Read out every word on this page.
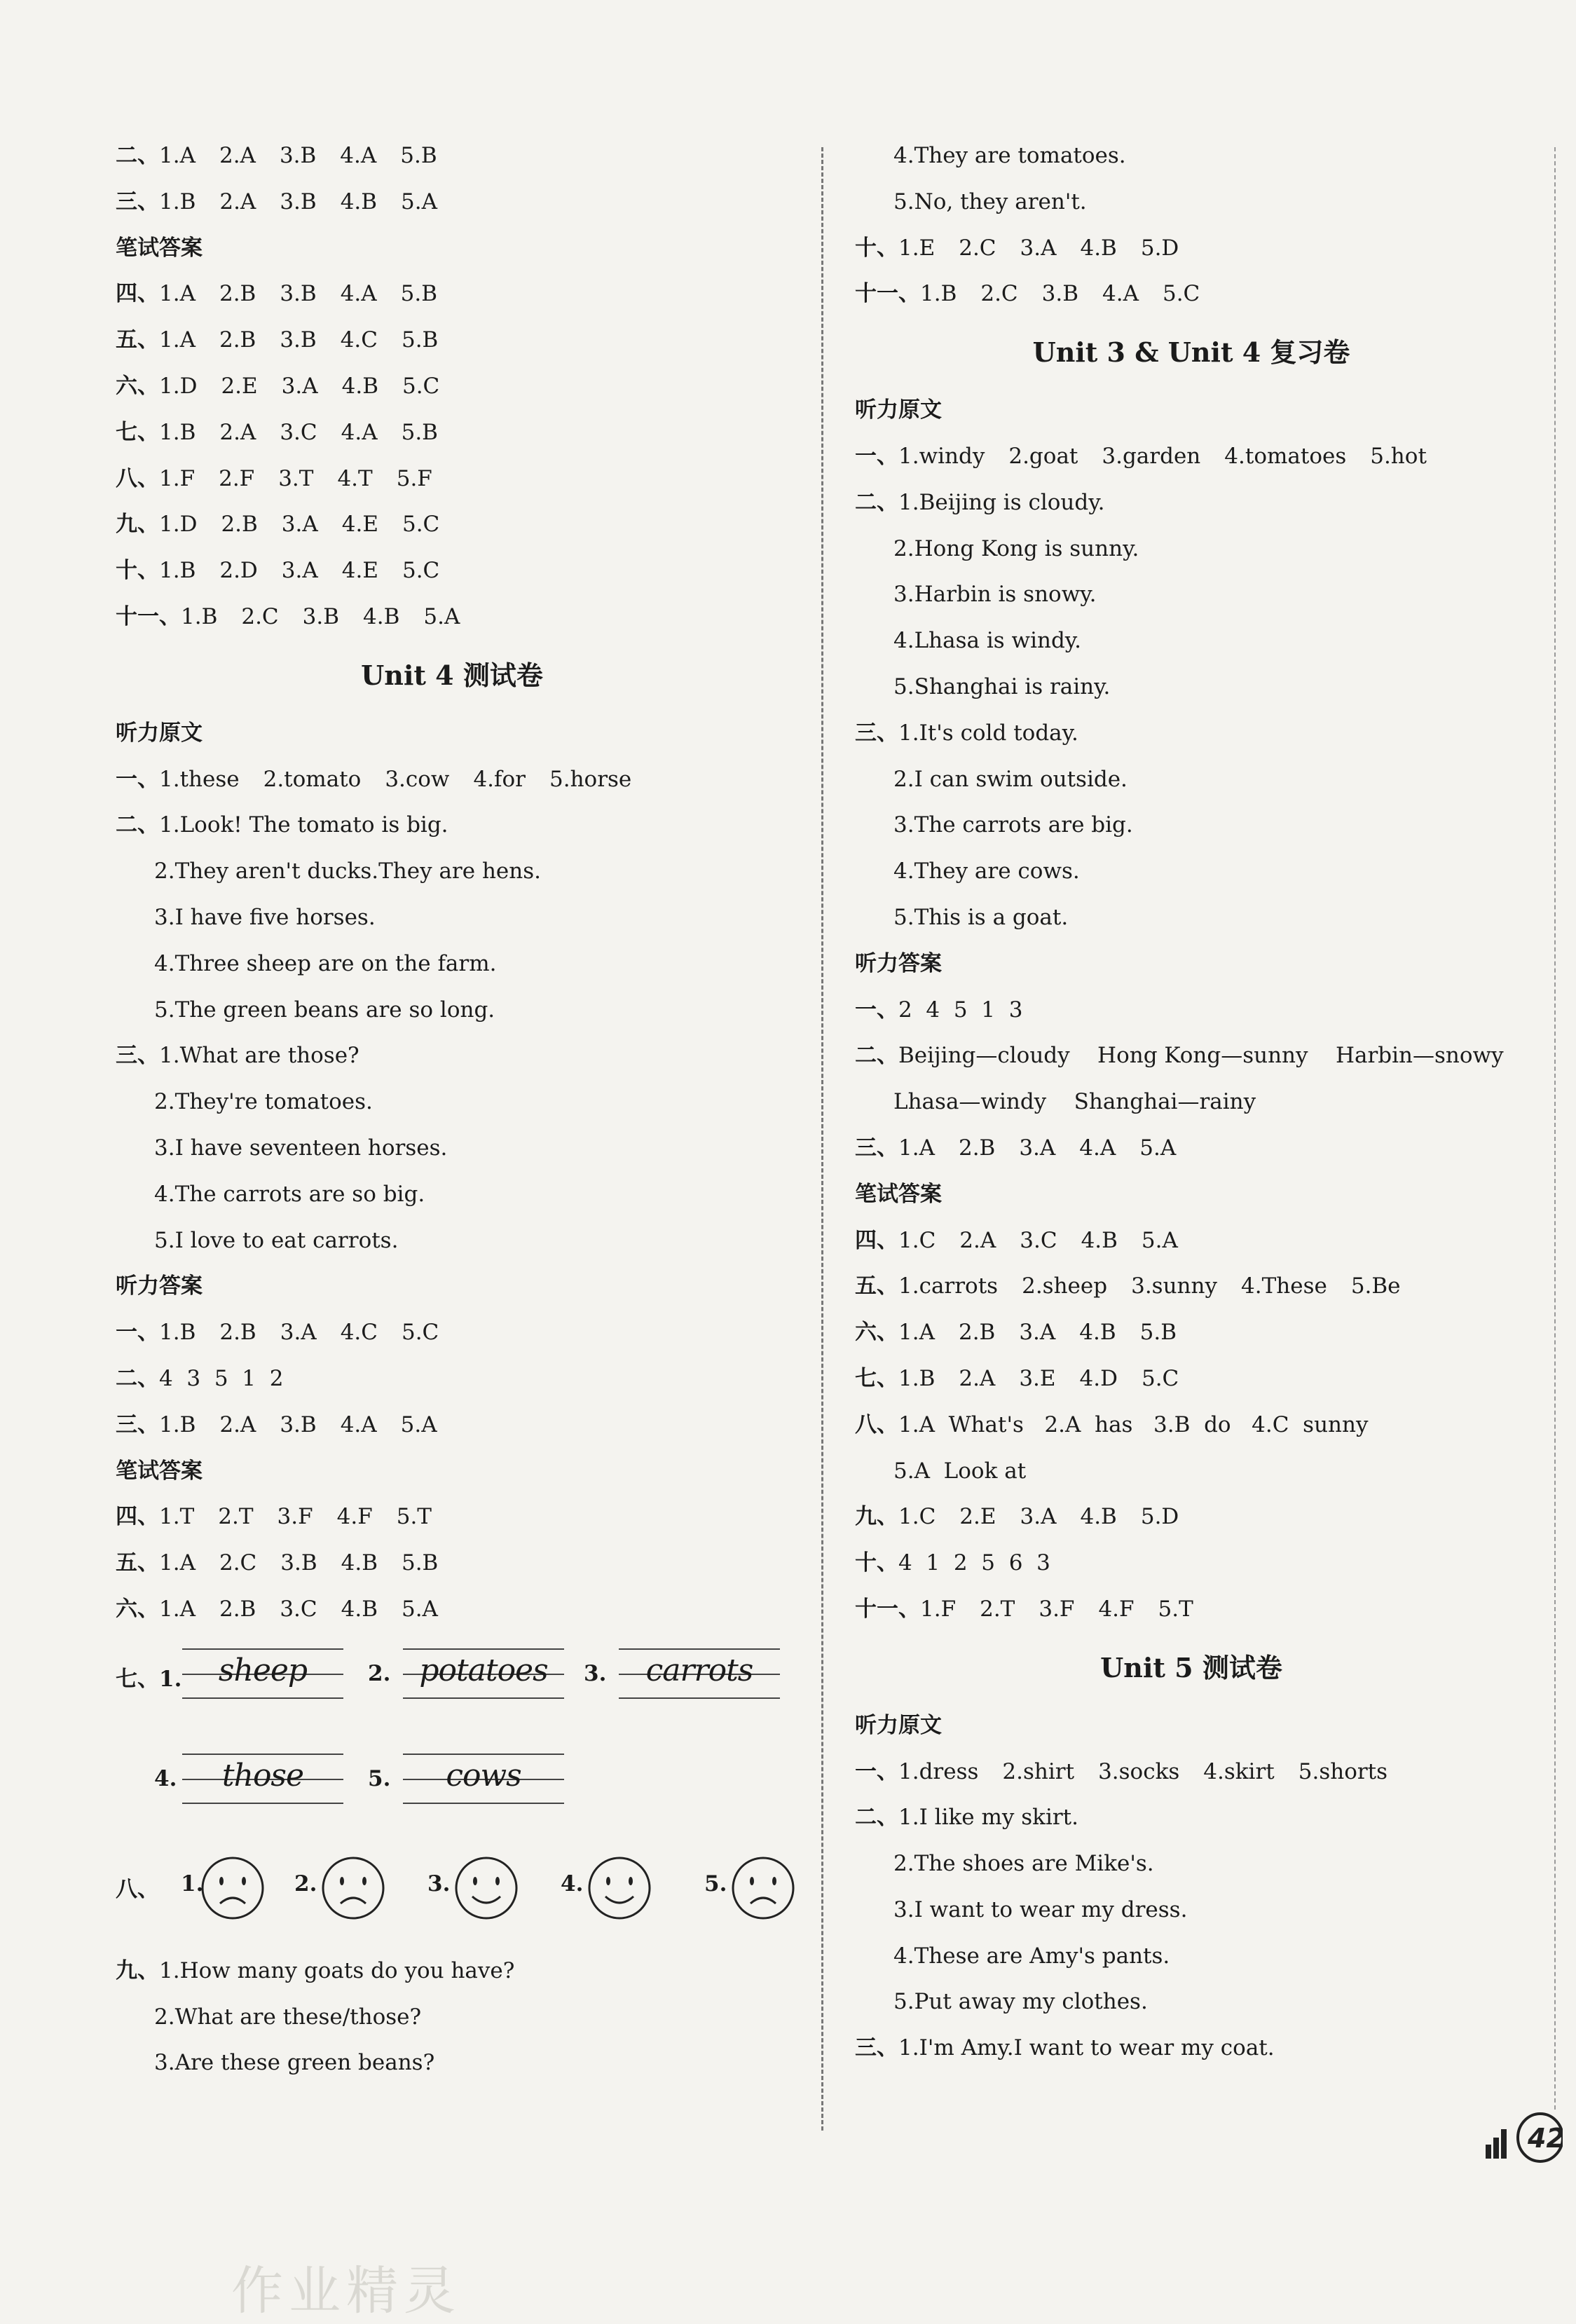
二、1.A 2.A 3.B 4.A 5.B
三、1.B 2.A 3.B 4.B 5.A
笔试答案
四、1.A 2.B 3.B 4.A 5.B
五、1.A 2.B 3.B 4.C 5.B
六、1.D 2.E 3.A 4.B 5.C
七、1.B 2.A 3.C 4.A 5.B
八、1.F 2.F 3.T 4.T 5.F
九、1.D 2.B 3.A 4.E 5.C
十、1.B 2.D 3.A 4.E 5.C
十一、1.B 2.C 3.B 4.B 5.A
Unit 4 测试卷
听力原文
一、1.these 2.tomato 3.cow 4.for 5.horse
二、1.Look! The tomato is big.
2.They aren't ducks.They are hens.
3.I have five horses.
4.Three sheep are on the farm.
5.The green beans are so long.
三、1.What are those?
2.They're tomatoes.
3.I have seventeen horses.
4.The carrots are so big.
5.I love to eat carrots.
听力答案
一、1.B 2.B 3.A 4.C 5.C
二、4  3  5  1  2
三、1.B 2.A 3.B 4.A 5.A
笔试答案
四、1.T 2.T 3.F 4.F 5.T
五、1.A 2.C 3.B 4.B 5.B
六、1.A 2.B 3.C 4.B 5.A
七、1.	sheep	2. potatoes	3.	carrots
4.	those	5.	cows
八、 1.	2.	3.	4.	5.
九、1.How many goats do you have?
2.What are these/those?
3.Are these green beans?
4.They are tomatoes.
5.No, they aren't.
十、1.E 2.C 3.A 4.B 5.D
十一、1.B 2.C 3.B 4.A 5.C
Unit 3 & Unit 4 复习卷
听力原文
一、1.windy 2.goat 3.garden 4.tomatoes 5.hot
二、1.Beijing is cloudy.
2.Hong Kong is sunny.
3.Harbin is snowy.
4.Lhasa is windy.
5.Shanghai is rainy.
三、1.It's cold today.
2.I can swim outside.
3.The carrots are big.
4.They are cows.
5.This is a goat.
听力答案
一、2  4  5  1  3
二、Beijing—cloudy    Hong Kong—sunny    Harbin—snowy
Lhasa—windy    Shanghai—rainy
三、1.A 2.B 3.A 4.A 5.A
笔试答案
四、1.C 2.A 3.C 4.B 5.A
五、1.carrots 2.sheep 3.sunny 4.These 5.Be
六、1.A 2.B 3.A 4.B 5.B
七、1.B 2.A 3.E 4.D 5.C
八、1.A  What's   2.A  has   3.B  do   4.C  sunny
5.A  Look at
九、1.C 2.E 3.A 4.B 5.D
十、4  1  2  5  6  3
十一、1.F 2.T 3.F 4.F 5.T
Unit 5 测试卷
听力原文
一、1.dress 2.shirt 3.socks 4.skirt 5.shorts
二、1.I like my skirt.
2.The shoes are Mike's.
3.I want to wear my dress.
4.These are Amy's pants.
5.Put away my clothes.
三、1.I'm Amy.I want to wear my coat.
作业精灵
42
